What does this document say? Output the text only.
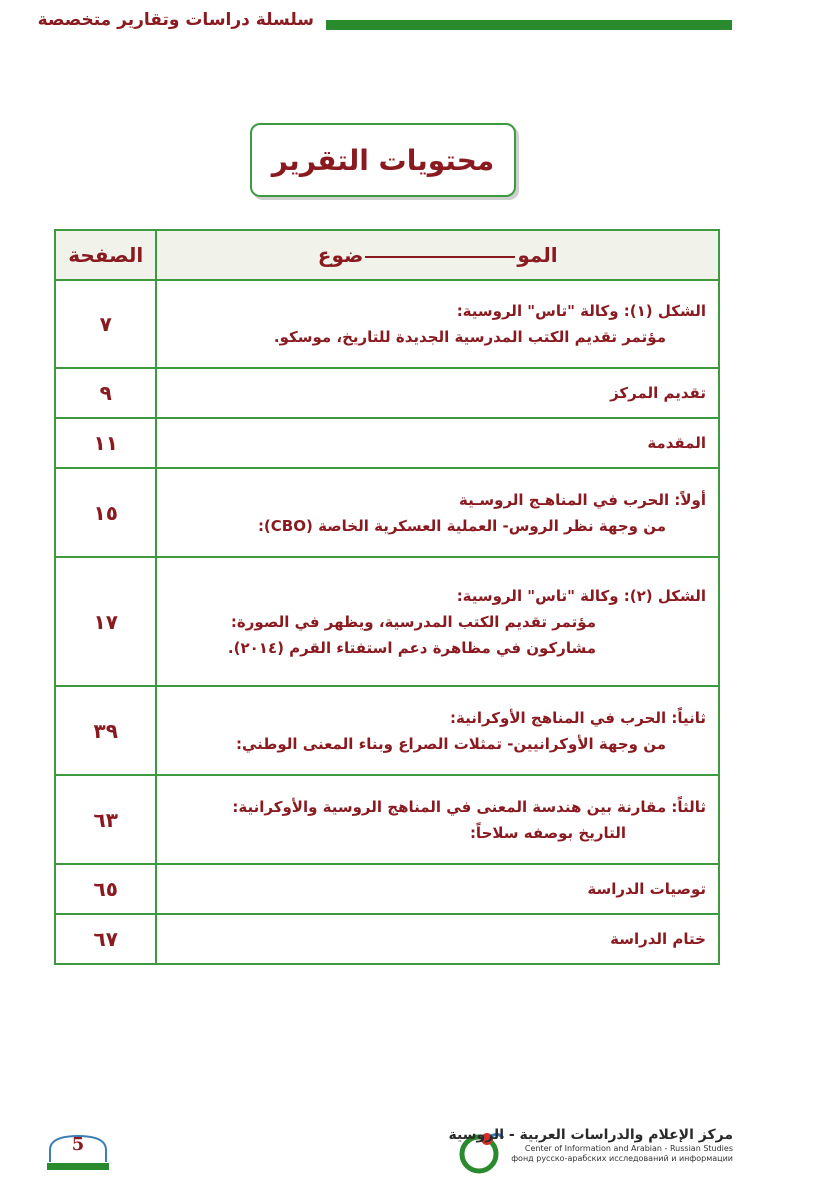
سلسلة دراسات وتقارير متخصصة
محتويات التقرير
الموضوع	الصفحة

الشكل (١): وكالة "تاس" الروسية:
مؤتمر تقديم الكتب المدرسية الجديدة للتاريخ، موسكو.	٧

تقديم المركز	٩

المقدمة	١١

أولاً: الحرب في المناهـج الروسـية
من وجهة نظر الروس- العملية العسكرية الخاصة (CBO):	١٥

الشكل (٢): وكالة "تاس" الروسية:
مؤتمر تقديم الكتب المدرسية، ويظهر في الصورة:
مشاركون في مظاهرة دعم استفتاء القرم (٢٠١٤).	١٧

ثانياً: الحرب في المناهج الأوكرانية:
من وجهة الأوكرانيين- تمثلات الصراع وبناء المعنى الوطني:	٣٩

ثالثاً: مقارنة بين هندسة المعنى في المناهج الروسية والأوكرانية:
التاريخ بوصفه سلاحاً:	٦٣

توصيات الدراسة	٦٥

ختام الدراسة	٦٧
5	مركز الإعلام والدراسات العربية - الروسية
Center of Information and Arabian - Russian Studies
фонд русско-арабских исследований и информации
